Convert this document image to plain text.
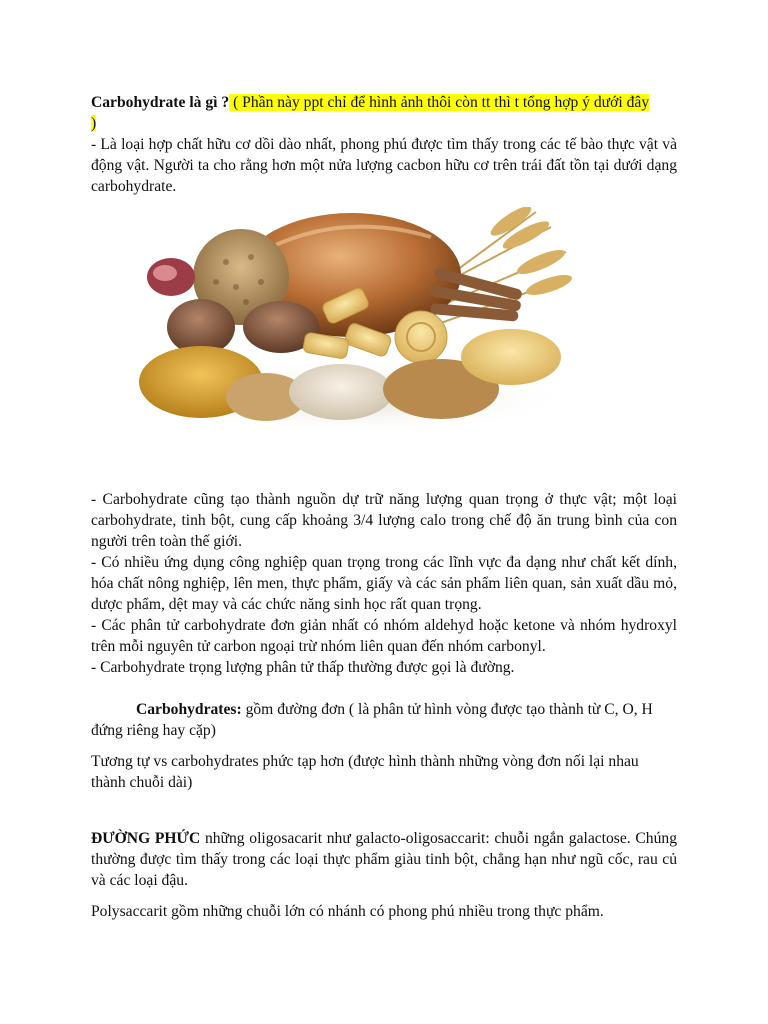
Carbohydrate là gì ? ( Phần này ppt chỉ để hình ảnh thôi còn tt thì t tổng hợp ý dưới đây
)

- Là loại hợp chất hữu cơ dồi dào nhất, phong phú được tìm thấy trong các tế bào thực vật và động vật. Người ta cho rằng hơn một nửa lượng cacbon hữu cơ trên trái đất tồn tại dưới dạng carbohydrate.

- Carbohydrate cũng tạo thành nguồn dự trữ năng lượng quan trọng ở thực vật; một loại carbohydrate, tinh bột, cung cấp khoảng 3/4 lượng calo trong chế độ ăn trung bình của con người trên toàn thế giới.

- Có nhiều ứng dụng công nghiệp quan trọng trong các lĩnh vực đa dạng như chất kết dính, hóa chất nông nghiệp, lên men, thực phẩm, giấy và các sản phẩm liên quan, sản xuất dầu mỏ, dược phẩm, dệt may và các chức năng sinh học rất quan trọng.

- Các phân tử carbohydrate đơn giản nhất có nhóm aldehyd hoặc ketone và nhóm hydroxyl trên mỗi nguyên tử carbon ngoại trừ nhóm liên quan đến nhóm carbonyl.

- Carbohydrate trọng lượng phân tử thấp thường được gọi là đường.

Carbohydrates: gồm đường đơn ( là phân tử hình vòng được tạo thành từ C, O, H đứng riêng hay cặp)

Tương tự vs carbohydrates phức tạp hơn (được hình thành những vòng đơn nối lại nhau thành chuỗi dài)

ĐƯỜNG PHỨC những oligosacarit như galacto-oligosaccarit: chuỗi ngắn galactose. Chúng thường được tìm thấy trong các loại thực phẩm giàu tinh bột, chẳng hạn như ngũ cốc, rau củ và các loại đậu.

Polysaccarit gồm những chuỗi lớn có nhánh có phong phú nhiều trong thực phẩm.
